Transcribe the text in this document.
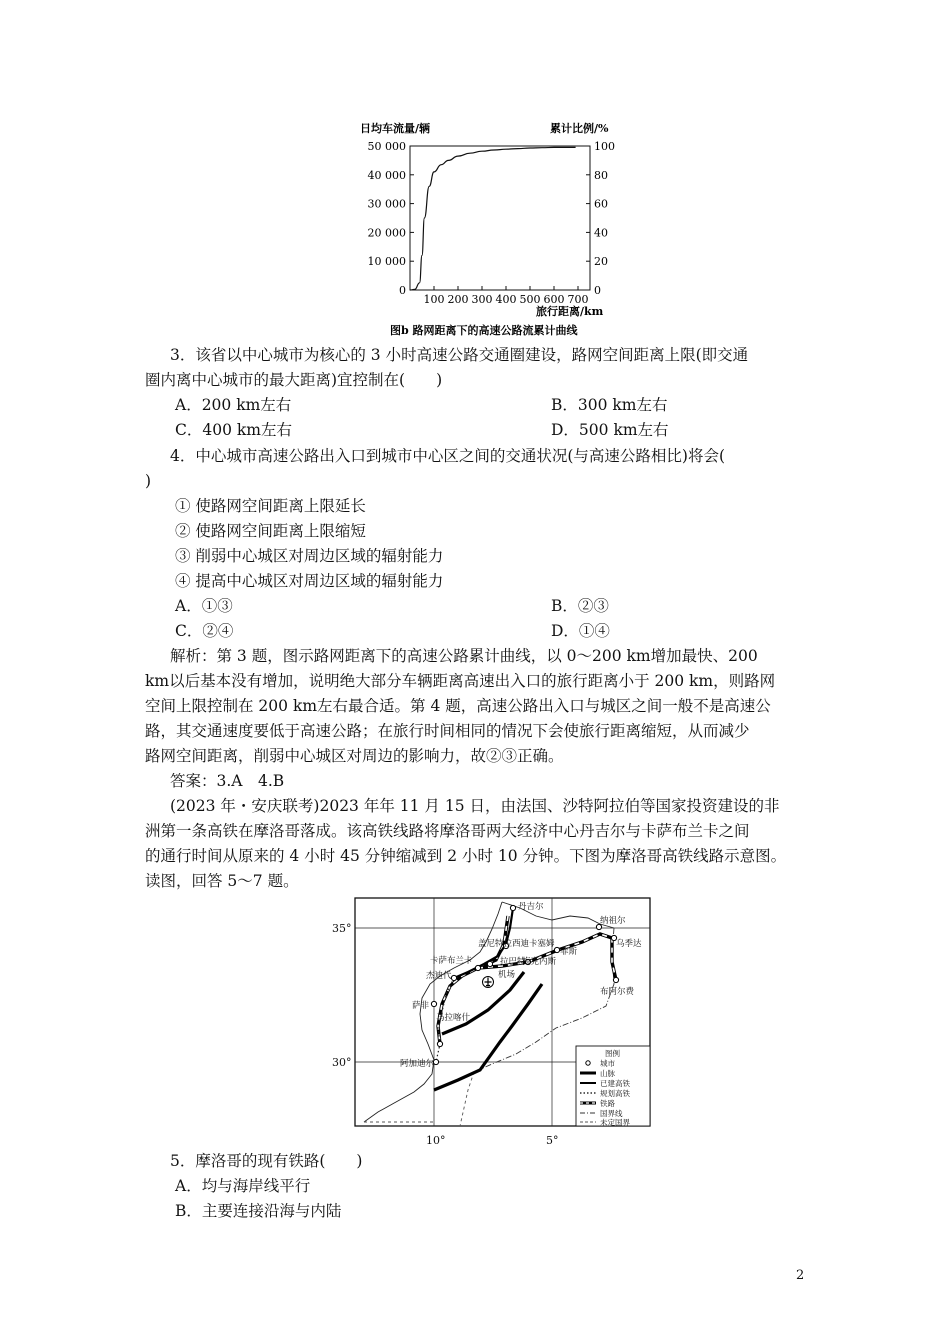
日均车流量/辆	累计比例/%
0
10 000
20 000
30 000
40 000
50 000
0
20
40
60
80
100
100 200 300 400 500 600 700
旅行距离/km
图b 路网距离下的高速公路流累计曲线
3．该省以中心城市为核心的 3 小时高速公路交通圈建设，路网空间距离上限(即交通
圈内离中心城市的最大距离)宜控制在(　　)
A．200 km左右	B．300 km左右
C．400 km左右	D．500 km左右
4．中心城市高速公路出入口到城市中心区之间的交通状况(与高速公路相比)将会(
)
① 使路网空间距离上限延长
② 使路网空间距离上限缩短
③ 削弱中心城区对周边区域的辐射能力
④ 提高中心城区对周边区域的辐射能力
A．①③	B．②③
C．②④	D．①④
解析：第 3 题，图示路网距离下的高速公路累计曲线，以 0～200 km增加最快、200
km以后基本没有增加，说明绝大部分车辆距离高速出入口的旅行距离小于 200 km，则路网
空间上限控制在 200 km左右最合适。第 4 题，高速公路出入口与城区之间一般不是高速公
路，其交通速度要低于高速公路；在旅行时间相同的情况下会使旅行距离缩短，从而减少
路网空间距离，削弱中心城区对周边的影响力，故②③正确。
答案：3.A　4.B
(2023 年・安庆联考)2023 年年 11 月 15 日，由法国、沙特阿拉伯等国家投资建设的非
洲第一条高铁在摩洛哥落成。该高铁线路将摩洛哥两大经济中心丹吉尔与卡萨布兰卡之间
的通行时间从原来的 4 小时 45 分钟缩减到 2 小时 10 分钟。下图为摩洛哥高铁线路示意图。
读图，回答 5～7 题。
丹吉尔
纳祖尔
盖尼特拉 西迪卡塞姆
菲斯
乌季达
卡萨布兰卡
杰迪代
拉巴特
梅克内斯
机场
萨非
布阿尔费
马拉喀什
阿加迪尔
图例
城市
山脉
已建高铁
规划高铁
铁路
国界线
未定国界
35°
30°
10°	5°
5．摩洛哥的现有铁路(　　)
A．均与海岸线平行
B．主要连接沿海与内陆
2
